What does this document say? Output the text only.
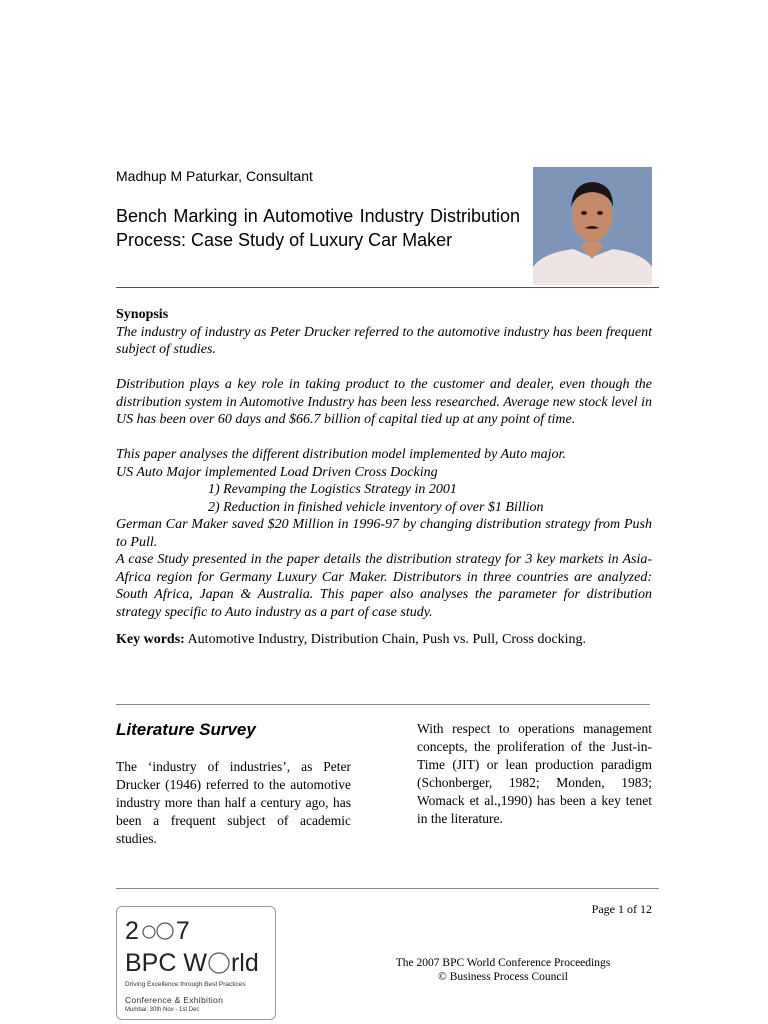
Madhup M Paturkar, Consultant
Bench Marking in Automotive Industry Distribution Process: Case Study of Luxury Car Maker
Synopsis

The industry of industry as Peter Drucker referred to the automotive industry has been frequent subject of studies.

Distribution plays a key role in taking product to the customer and dealer, even though the distribution system in Automotive Industry has been less researched. Average new stock level in US has been over 60 days and $66.7 billion of capital tied up at any point of time.

This paper analyses the different distribution model implemented by Auto major.

US Auto Major implemented Load Driven Cross Docking

1) Revamping the Logistics Strategy in 2001

2) Reduction in finished vehicle inventory of over $1 Billion

German Car Maker saved $20 Million in 1996-97 by changing distribution strategy from Push to Pull.

A case Study presented in the paper details the distribution strategy for 3 key markets in Asia-Africa region for Germany Luxury Car Maker. Distributors in three countries are analyzed: South Africa, Japan & Australia. This paper also analyses the parameter for distribution strategy specific to Auto industry as a part of case study.

Key words: Automotive Industry, Distribution Chain, Push vs. Pull, Cross docking.

Literature Survey
The ‘industry of industries’, as Peter Drucker (1946) referred to the automotive industry more than half a century ago, has been a frequent subject of academic studies.
With respect to operations management concepts, the proliferation of the Just-in-Time (JIT) or lean production paradigm (Schonberger, 1982; Monden, 1983; Womack et al.,1990) has been a key tenet in the literature.
2 7
BPC W rld
Driving Excellence through Best Practices
Conference & Exhibition
Mumbai: 30th Nov - 1st Dec
Page 1 of 12
The 2007 BPC World Conference Proceedings
© Business Process Council
